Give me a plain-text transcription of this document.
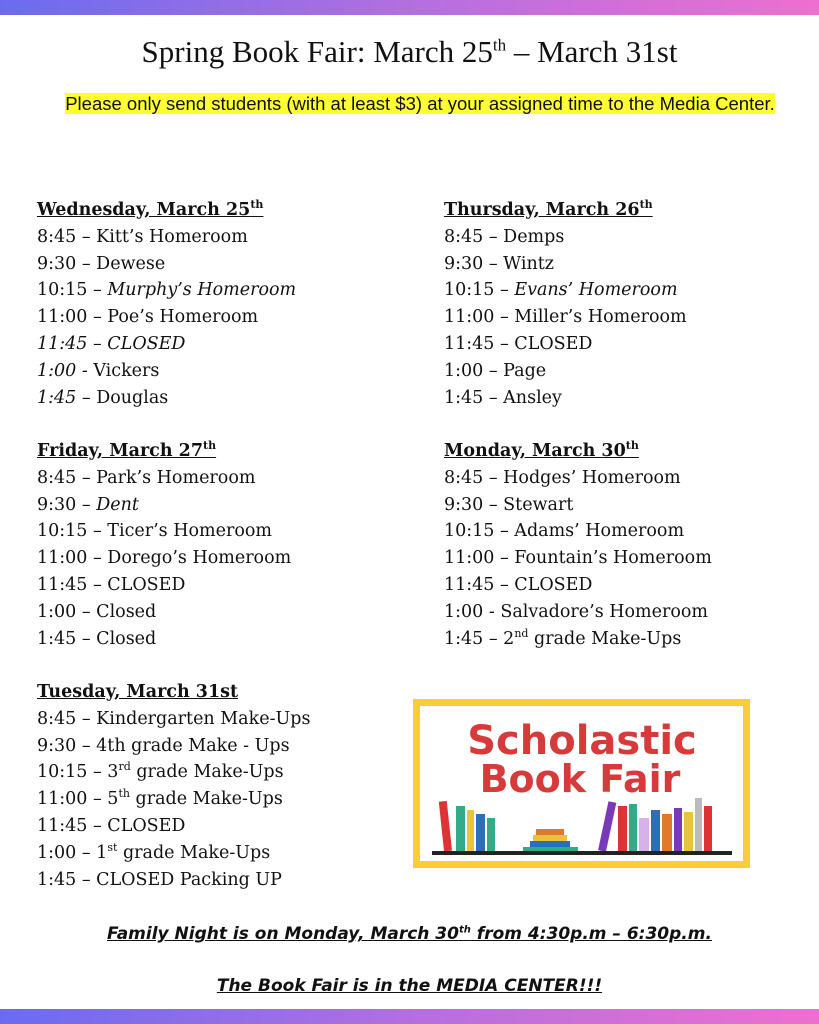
Spring Book Fair: March 25th – March 31st
Please only send students (with at least $3) at your assigned time to the Media Center.
Wednesday, March 25th
8:45 – Kitt’s Homeroom
9:30 – Dewese
10:15 – Murphy’s Homeroom
11:00 – Poe’s Homeroom
11:45 – CLOSED
1:00 - Vickers
1:45 – Douglas
Thursday, March 26th
8:45 – Demps
9:30 – Wintz
10:15 – Evans’ Homeroom
11:00 – Miller’s Homeroom
11:45 – CLOSED
1:00 – Page
1:45 – Ansley
Friday, March 27th
8:45 – Park’s Homeroom
9:30 – Dent
10:15 – Ticer’s Homeroom
11:00 – Dorego’s Homeroom
11:45 – CLOSED
1:00 – Closed
1:45 – Closed
Monday, March 30th
8:45 – Hodges’ Homeroom
9:30 – Stewart
10:15 – Adams’ Homeroom
11:00 – Fountain’s Homeroom
11:45 – CLOSED
1:00 - Salvadore’s Homeroom
1:45 – 2nd grade Make-Ups
Tuesday, March 31st
8:45 – Kindergarten Make-Ups
9:30 – 4th grade Make - Ups
10:15 – 3rd grade Make-Ups
11:00 – 5th grade Make-Ups
11:45 – CLOSED
1:00 – 1st grade Make-Ups
1:45 – CLOSED Packing UP
Scholastic
Book Fair
Family Night is on Monday, March 30th from 4:30p.m – 6:30p.m.
The Book Fair is in the MEDIA CENTER!!!
